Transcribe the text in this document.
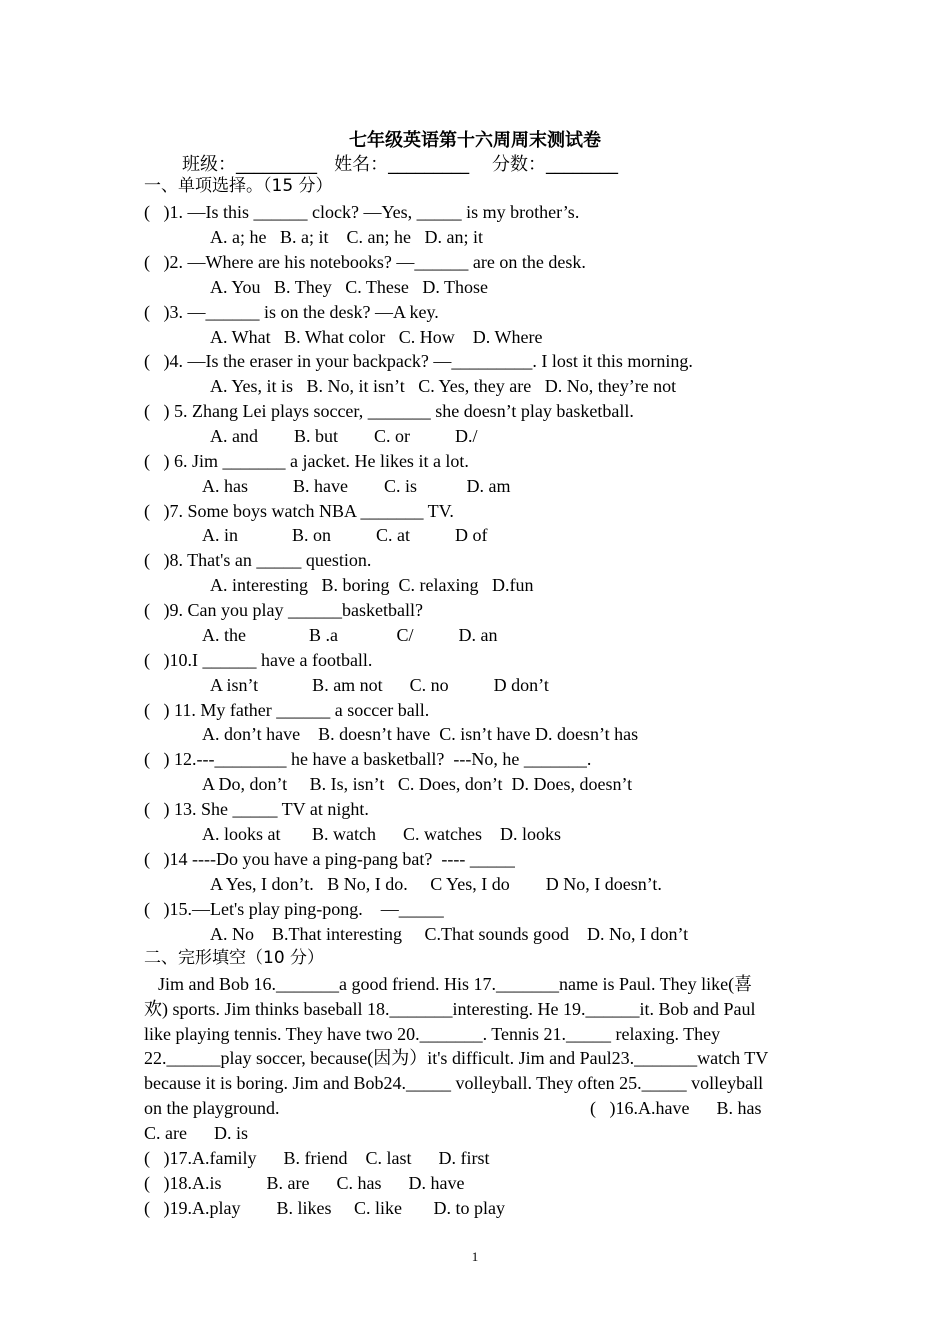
七年级英语第十六周周末测试卷
班级：_________   姓名：_________    分数：________
一、单项选择。（15 分）
(   )1. —Is this ______ clock? —Yes, _____ is my brother’s.
A. a; he   B. a; it    C. an; he   D. an; it
(   )2. —Where are his notebooks? —______ are on the desk.
A. You   B. They   C. These   D. Those
(   )3. —______ is on the desk? —A key.
A. What   B. What color   C. How    D. Where
(   )4. —Is the eraser in your backpack? —_________. I lost it this morning.
A. Yes, it is   B. No, it isn’t   C. Yes, they are   D. No, they’re not
(   ) 5. Zhang Lei plays soccer, _______ she doesn’t play basketball.
A. and        B. but        C. or          D./
(   ) 6. Jim _______ a jacket. He likes it a lot.
A. has          B. have        C. is           D. am
(   )7. Some boys watch NBA _______ TV.
A. in            B. on          C. at          D of
(   )8. That's an _____ question.
A. interesting   B. boring  C. relaxing   D.fun
(   )9. Can you play ______basketball?
A. the              B .a             C/          D. an
(   )10.I ______ have a football.
A isn’t            B. am not      C. no          D don’t
(   ) 11. My father ______ a soccer ball.
A. don’t have    B. doesn’t have  C. isn’t have D. doesn’t has
(   ) 12.---________ he have a basketball?  ---No, he _______.
A Do, don’t     B. Is, isn’t   C. Does, don’t  D. Does, doesn’t
(   ) 13. She _____ TV at night.
A. looks at       B. watch      C. watches    D. looks
(   )14 ----Do you have a ping-pang bat?  ---- _____
A Yes, I don’t.   B No, I do.     C Yes, I do        D No, I doesn’t.
(   )15.—Let's play ping-pong.    —_____
A. No    B.That interesting     C.That sounds good    D. No, I don’t
二、完形填空（10 分）
Jim and Bob 16._______a good friend. His 17._______name is Paul. They like(喜
欢) sports. Jim thinks baseball 18._______interesting. He 19.______it. Bob and Paul
like playing tennis. They have two 20._______. Tennis 21._____ relaxing. They
22.______play soccer, because(因为）it's difficult. Jim and Paul23._______watch TV
because it is boring. Jim and Bob24._____ volleyball. They often 25._____ volleyball
on the playground.	(   )16.A.have      B. has
C. are      D. is
(   )17.A.family      B. friend    C. last      D. first
(   )18.A.is          B. are      C. has      D. have
(   )19.A.play        B. likes     C. like       D. to play
1
